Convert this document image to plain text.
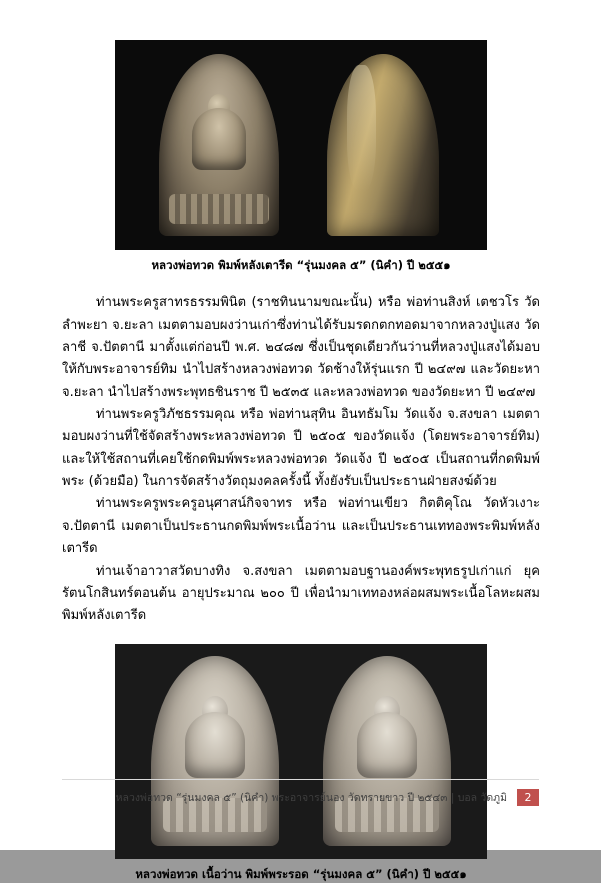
หลวงพ่อทวด พิมพ์หลังเตารีด “รุ่นมงคล ๕” (นิคำ) ปี ๒๕๕๑

ท่านพระครูสาทรธรรมพินิต (ราชทินนามขณะนั้น) หรือ พ่อท่านสิงห์ เตชวโร วัดลำพะยา จ.ยะลา เมตตามอบผงว่านเก่าซึ่งท่านได้รับมรดกตกทอดมาจากหลวงปู่แสง วัดลาชี จ.ปัตตานี มาตั้งแต่ก่อนปี พ.ศ. ๒๔๘๗ ซึ่งเป็นชุดเดียวกันว่านที่หลวงปู่แสงได้มอบให้กับพระอาจารย์ทิม นำไปสร้างหลวงพ่อทวด วัดช้างให้รุ่นแรก ปี ๒๔๙๗ และวัดยะหา จ.ยะลา นำไปสร้างพระพุทธชินราช ปี ๒๕๓๕ และหลวงพ่อทวด ของวัดยะหา ปี ๒๔๙๗

ท่านพระครูวิภัชธรรมคุณ หรือ พ่อท่านสุทิน อินทธัมโม วัดแจ้ง จ.สงขลา เมตตามอบผงว่านที่ใช้จัดสร้างพระหลวงพ่อทวด ปี ๒๕๐๕ ของวัดแจ้ง (โดยพระอาจารย์ทิม) และให้ใช้สถานที่เคยใช้กดพิมพ์พระหลวงพ่อทวด วัดแจ้ง ปี ๒๕๐๕ เป็นสถานที่กดพิมพ์พระ (ด้วยมือ) ในการจัดสร้างวัตถุมงคลครั้งนี้ ทั้งยังรับเป็นประธานฝ่ายสงฆ์ด้วย

ท่านพระครูพระครูอนุศาสน์กิจจาทร หรือ พ่อท่านเขียว กิตติคุโณ วัดหัวเงาะ จ.ปัตตานี เมตตาเป็นประธานกดพิมพ์พระเนื้อว่าน และเป็นประธานเททองพระพิมพ์หลังเตารีด

ท่านเจ้าอาวาสวัดบางทิง จ.สงขลา เมตตามอบฐานองค์พระพุทธรูปเก่าแก่ ยุครัตนโกสินทร์ตอนต้น อายุประมาณ ๒๐๐ ปี เพื่อนำมาเททองหล่อผสมพระเนื้อโลหะผสมพิมพ์หลังเตารีด

หลวงพ่อทวด เนื้อว่าน พิมพ์พระรอด “รุ่นมงคล ๕” (นิคำ) ปี ๒๕๕๑
หลวงพ่อทวด “รุ่นมงคล ๕” (นิคำ) พระอาจารย์นอง วัดทรายขาว ปี ๒๕๔๓ | บอล วัดภูมิ	2
